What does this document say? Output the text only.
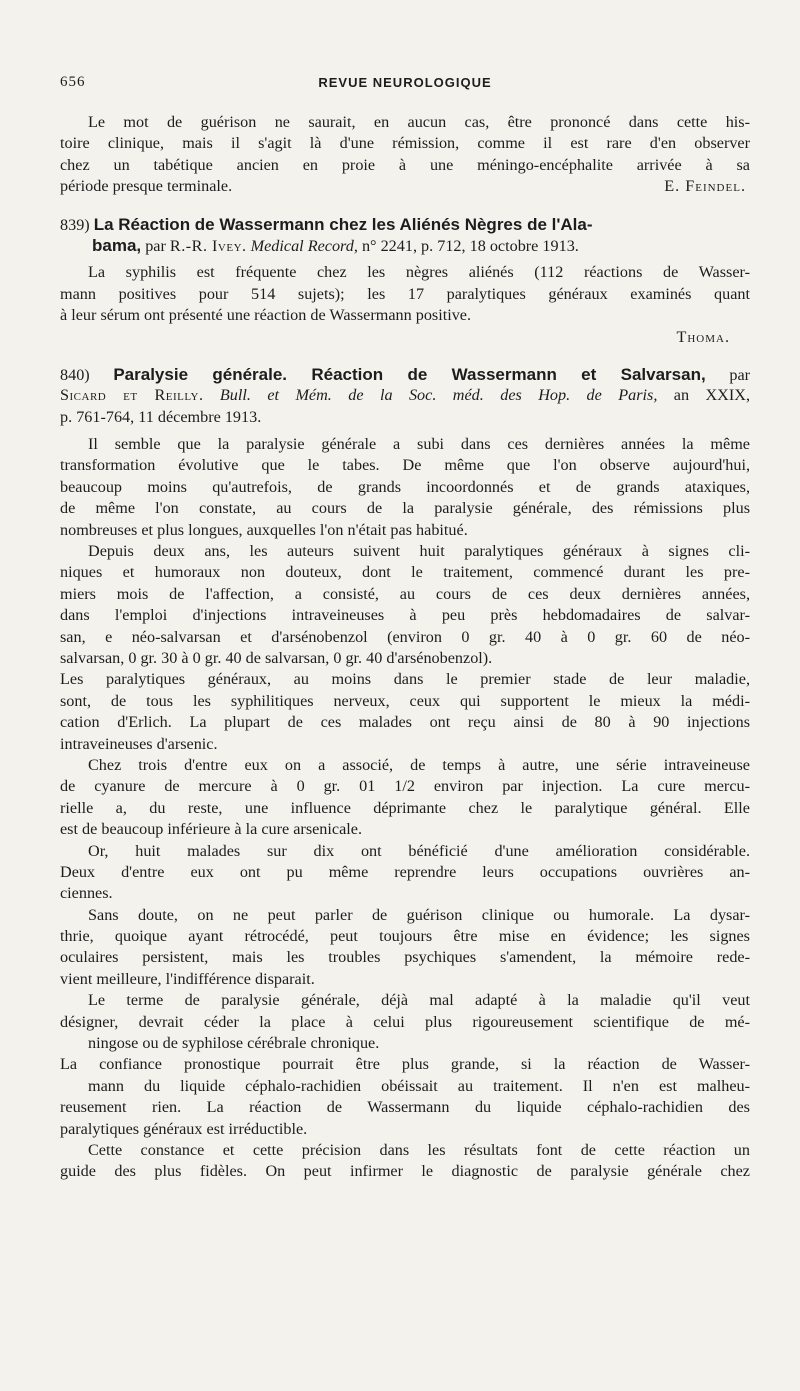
656	REVUE NEUROLOGIQUE
Le mot de guérison ne saurait, en aucun cas, être prononcé dans cette his-
toire clinique, mais il s'agit là d'une rémission, comme il est rare d'en observer
chez un tabétique ancien en proie à une méningo-encéphalite arrivée à sa
période presque terminale.	E. Feindel.
839) La Réaction de Wassermann chez les Aliénés Nègres de l'Ala-
bama, par R.-R. Ivey. Medical Record, n° 2241, p. 712, 18 octobre 1913.
La syphilis est fréquente chez les nègres aliénés (112 réactions de Wasser-
mann positives pour 514 sujets); les 17 paralytiques généraux examinés quant
à leur sérum ont présenté une réaction de Wassermann positive.
Thoma.
840) Paralysie générale. Réaction de Wassermann et Salvarsan, par
Sicard et Reilly. Bull. et Mém. de la Soc. méd. des Hop. de Paris, an XXIX,
p. 761-764, 11 décembre 1913.
Il semble que la paralysie générale a subi dans ces dernières années la même
transformation évolutive que le tabes. De même que l'on observe aujourd'hui,
beaucoup moins qu'autrefois, de grands incoordonnés et de grands ataxiques,
de même l'on constate, au cours de la paralysie générale, des rémissions plus
nombreuses et plus longues, auxquelles l'on n'était pas habitué.
Depuis deux ans, les auteurs suivent huit paralytiques généraux à signes cli-
niques et humoraux non douteux, dont le traitement, commencé durant les pre-
miers mois de l'affection, a consisté, au cours de ces deux dernières années,
dans l'emploi d'injections intraveineuses à peu près hebdomadaires de salvar-
san, e néo-salvarsan et d'arsénobenzol (environ 0 gr. 40 à 0 gr. 60 de néo-
salvarsan, 0 gr. 30 à 0 gr. 40 de salvarsan, 0 gr. 40 d'arsénobenzol).
Les paralytiques généraux, au moins dans le premier stade de leur maladie,
sont, de tous les syphilitiques nerveux, ceux qui supportent le mieux la médi-
cation d'Erlich. La plupart de ces malades ont reçu ainsi de 80 à 90 injections
intraveineuses d'arsenic.
Chez trois d'entre eux on a associé, de temps à autre, une série intraveineuse
de cyanure de mercure à 0 gr. 01 1/2 environ par injection. La cure mercu-
rielle a, du reste, une influence déprimante chez le paralytique général. Elle
est de beaucoup inférieure à la cure arsenicale.
Or, huit malades sur dix ont bénéficié d'une amélioration considérable.
Deux d'entre eux ont pu même reprendre leurs occupations ouvrières an-
ciennes.
Sans doute, on ne peut parler de guérison clinique ou humorale. La dysar-
thrie, quoique ayant rétrocédé, peut toujours être mise en évidence; les signes
oculaires persistent, mais les troubles psychiques s'amendent, la mémoire rede-
vient meilleure, l'indifférence disparait.
Le terme de paralysie générale, déjà mal adapté à la maladie qu'il veut
désigner, devrait céder la place à celui plus rigoureusement scientifique de mé-
ningose ou de syphilose cérébrale chronique.
La confiance pronostique pourrait être plus grande, si la réaction de Wasser-
mann du liquide céphalo-rachidien obéissait au traitement. Il n'en est malheu-
reusement rien. La réaction de Wassermann du liquide céphalo-rachidien des
paralytiques généraux est irréductible.
Cette constance et cette précision dans les résultats font de cette réaction un
guide des plus fidèles. On peut infirmer le diagnostic de paralysie générale chez
